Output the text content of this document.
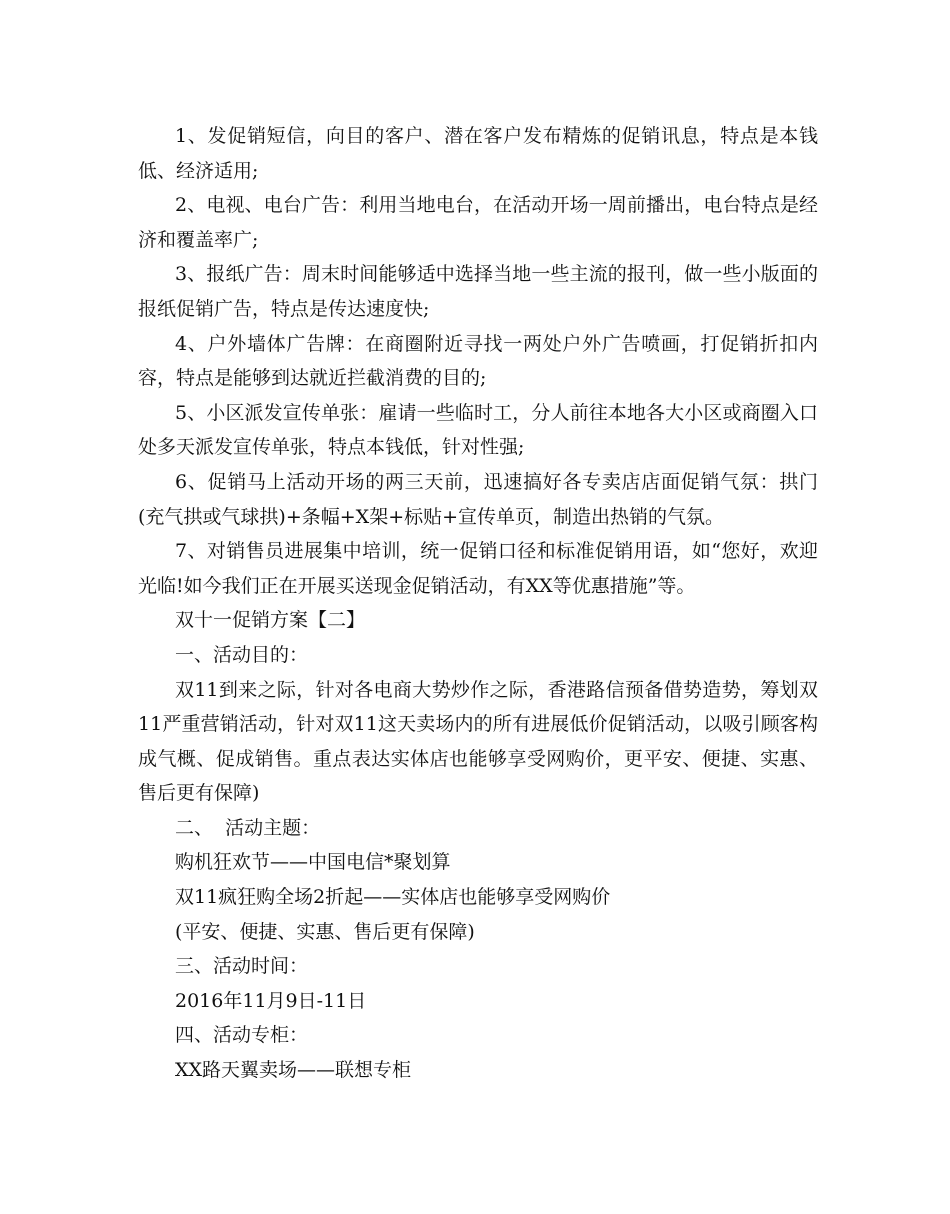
1、发促销短信，向目的客户、潜在客户发布精炼的促销讯息，特点是本钱低、经济适用;

2、电视、电台广告：利用当地电台，在活动开场一周前播出，电台特点是经济和覆盖率广;

3、报纸广告：周末时间能够适中选择当地一些主流的报刊，做一些小版面的报纸促销广告，特点是传达速度快;

4、户外墙体广告牌：在商圈附近寻找一两处户外广告喷画，打促销折扣内容，特点是能够到达就近拦截消费的目的;

5、小区派发宣传单张：雇请一些临时工，分人前往本地各大小区或商圈入口处多天派发宣传单张，特点本钱低，针对性强;

6、促销马上活动开场的两三天前，迅速搞好各专卖店店面促销气氛：拱门(充气拱或气球拱)+条幅+X架+标贴+宣传单页，制造出热销的气氛。

7、对销售员进展集中培训，统一促销口径和标准促销用语，如“您好，欢迎光临!如今我们正在开展买送现金促销活动，有XX等优惠措施”等。

双十一促销方案【二】

一、活动目的：

双11到来之际，针对各电商大势炒作之际，香港路信预备借势造势，筹划双11严重营销活动，针对双11这天卖场内的所有进展低价促销活动，以吸引顾客构成气概、促成销售。重点表达实体店也能够享受网购价，更平安、便捷、实惠、售后更有保障)

二、  活动主题：

购机狂欢节——中国电信*聚划算

双11疯狂购全场2折起——实体店也能够享受网购价

(平安、便捷、实惠、售后更有保障)

三、活动时间：

2016年11月9日-11日

四、活动专柜：

XX路天翼卖场——联想专柜
